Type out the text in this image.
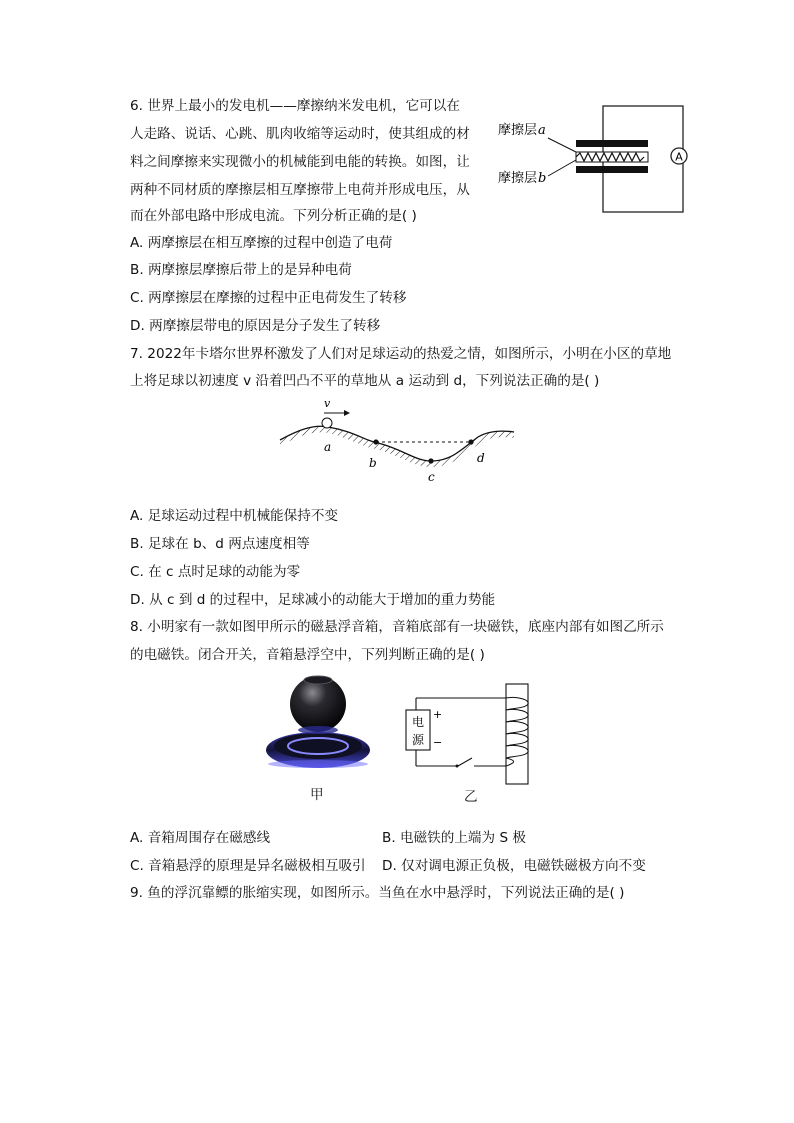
6. 世界上最小的发电机——摩擦纳米发电机，它可以在
人走路、说话、心跳、肌肉收缩等运动时，使其组成的材
料之间摩擦来实现微小的机械能到电能的转换。如图，让
两种不同材质的摩擦层相互摩擦带上电荷并形成电压，从
而在外部电路中形成电流。下列分析正确的是( )
A. 两摩擦层在相互摩擦的过程中创造了电荷
B. 两摩擦层摩擦后带上的是异种电荷
C. 两摩擦层在摩擦的过程中正电荷发生了转移
D. 两摩擦层带电的原因是分子发生了转移
A
摩擦层 a
摩擦层 b
7. 2022年卡塔尔世界杯激发了人们对足球运动的热爱之情，如图所示，小明在小区的草地
上将足球以初速度 v 沿着凹凸不平的草地从 a 运动到 d，下列说法正确的是( )
v
a
b
c
d
A. 足球运动过程中机械能保持不变
B. 足球在 b、d 两点速度相等
C. 在 c 点时足球的动能为零
D. 从 c 到 d 的过程中，足球减小的动能大于增加的重力势能
8. 小明家有一款如图甲所示的磁悬浮音箱，音箱底部有一块磁铁，底座内部有如图乙所示
的电磁铁。闭合开关，音箱悬浮空中，下列判断正确的是( )
甲
电
源
+
−
乙
A. 音箱周围存在磁感线	B. 电磁铁的上端为 S 极
C. 音箱悬浮的原理是异名磁极相互吸引 D. 仅对调电源正负极，电磁铁磁极方向不变
9. 鱼的浮沉靠鳔的胀缩实现，如图所示。当鱼在水中悬浮时，下列说法正确的是( )
